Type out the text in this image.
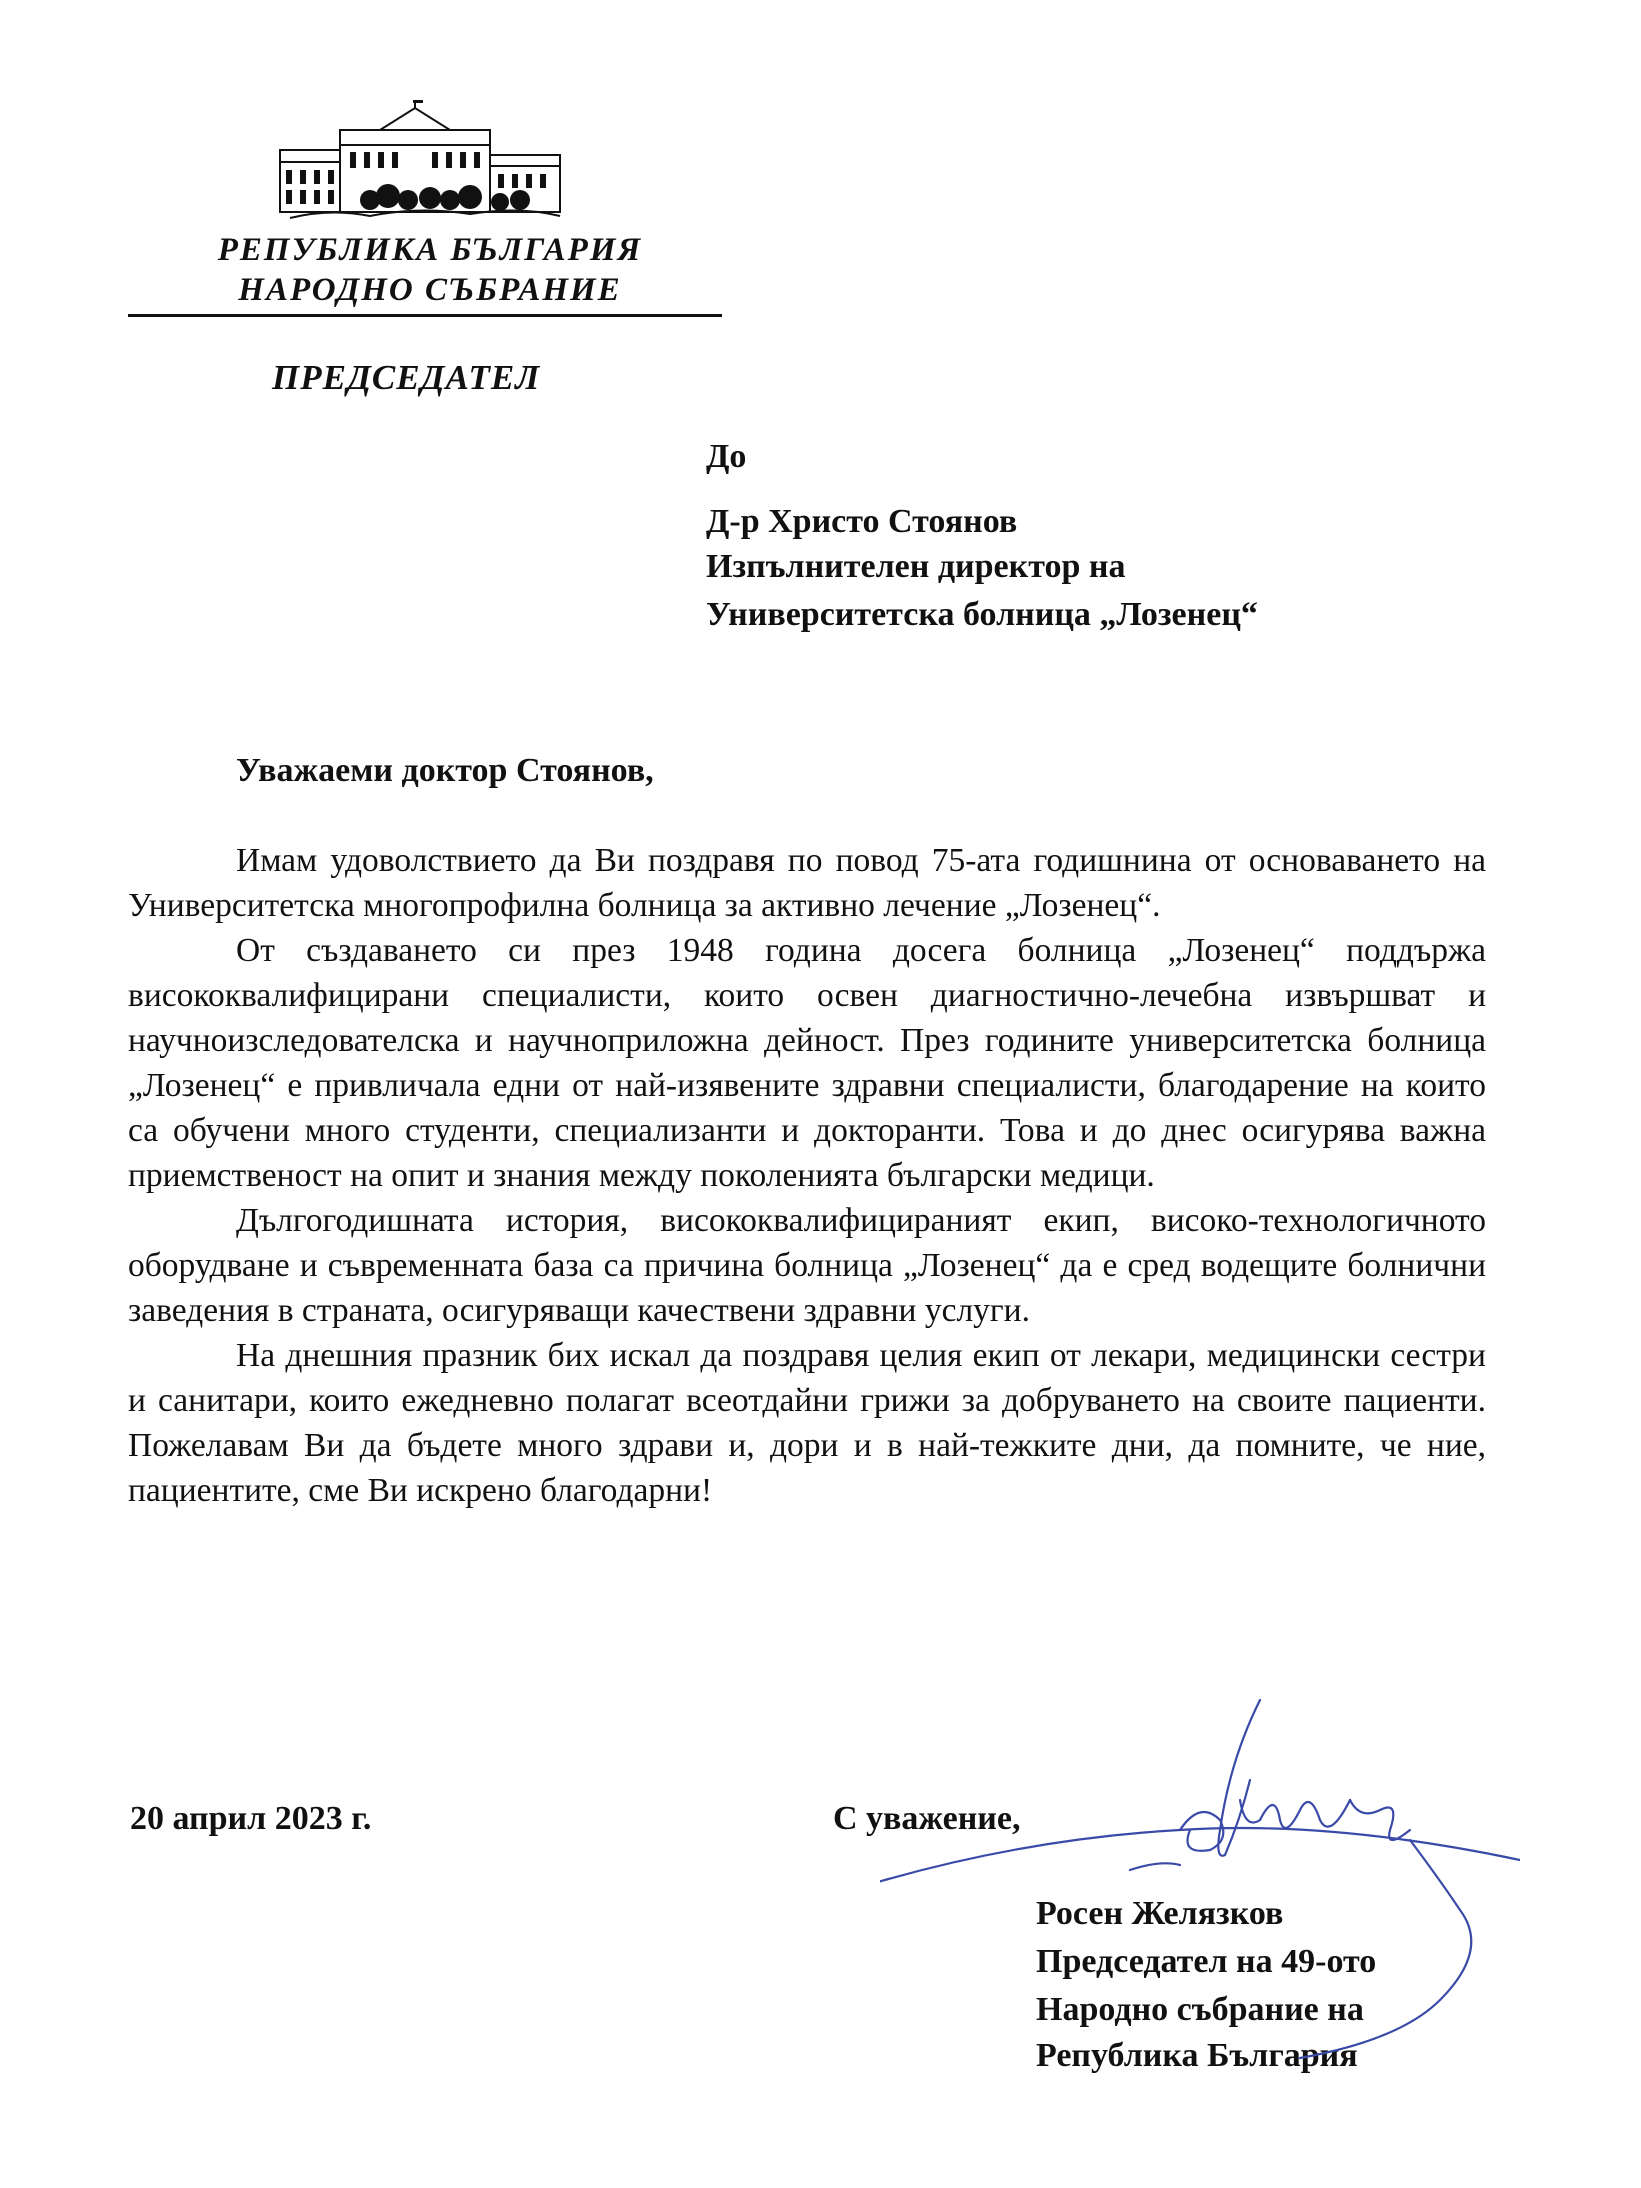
РЕПУБЛИКА БЪЛГАРИЯ
НАРОДНО СЪБРАНИЕ
ПРЕДСЕДАТЕЛ
До
Д-р Христо Стоянов
Изпълнителен директор на
Университетска болница „Лозенец“
Уважаеми доктор Стоянов,

Имам удоволствието да Ви поздравя по повод 75-ата годишнина от основаването на Университетска многопрофилна болница за активно лечение „Лозенец“.

От създаването си през 1948 година досега болница „Лозенец“ поддържа висококвалифицирани специалисти, които освен диагностично-лечебна извършват и научноизследователска и научноприложна дейност. През годините университетска болница „Лозенец“ е привличала едни от най-изявените здравни специалисти, благодарение на които са обучени много студенти, специализанти и докторанти. Това и до днес осигурява важна приемственост на опит и знания между поколенията български медици.

Дългогодишната история, висококвалифицираният екип, високо-технологичното оборудване и съвременната база са причина болница „Лозенец“ да е сред водещите болнични заведения в страната, осигуряващи качествени здравни услуги.

На днешния празник бих искал да поздравя целия екип от лекари, медицински сестри и санитари, които ежедневно полагат всеотдайни грижи за добруването на своите пациенти. Пожелавам Ви да бъдете много здрави и, дори и в най-тежките дни, да помните, че ние, пациентите, сме Ви искрено благодарни!

20 април 2023 г.	С уважение,
Росен Желязков
Председател на 49-ото
Народно събрание на
Република България
